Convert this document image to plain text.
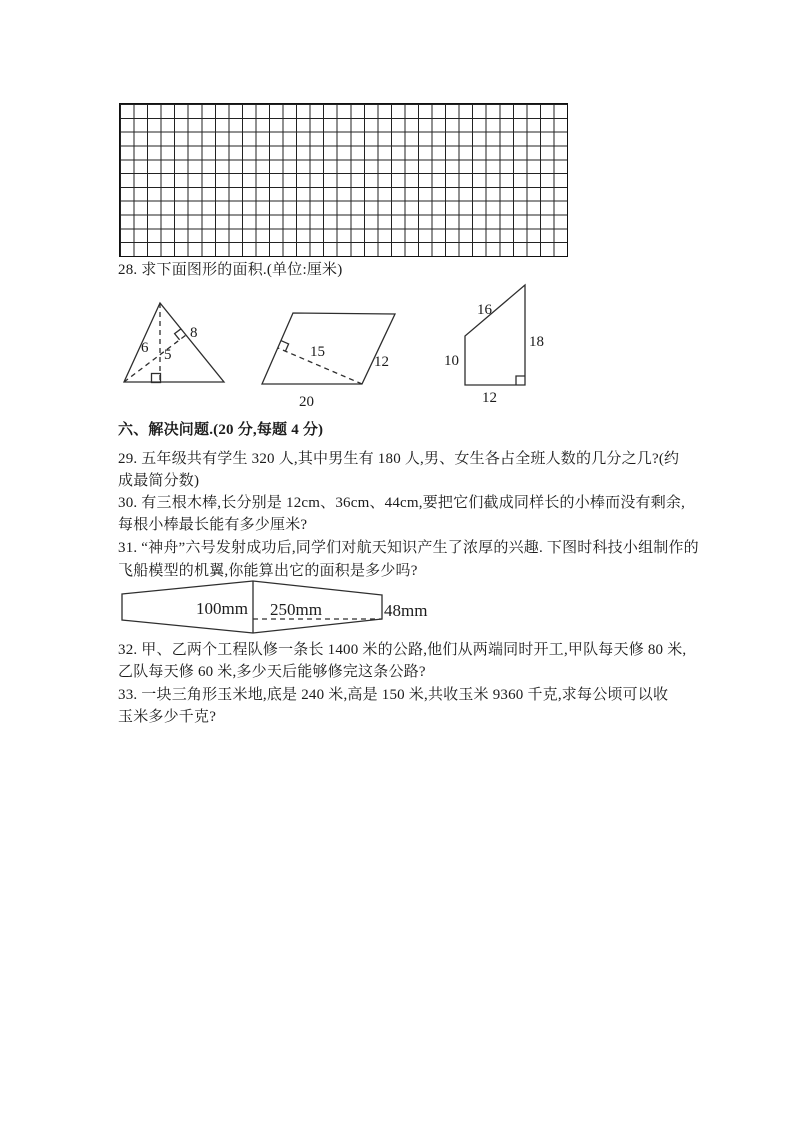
28. 求下面图形的面积.(单位:厘米)
6 5
8
15
12
20
16
10
18
12
六、解决问题.(20 分,每题 4 分)
29. 五年级共有学生 320 人,其中男生有 180 人,男、女生各占全班人数的几分之几?(约
成最简分数)
30. 有三根木棒,长分别是 12cm、36cm、44cm,要把它们截成同样长的小棒而没有剩余,
每根小棒最长能有多少厘米?
31. “神舟”六号发射成功后,同学们对航天知识产生了浓厚的兴趣. 下图时科技小组制作的
飞船模型的机翼,你能算出它的面积是多少吗?
100mm 250mm	48mm
32. 甲、乙两个工程队修一条长 1400 米的公路,他们从两端同时开工,甲队每天修 80 米,
乙队每天修 60 米,多少天后能够修完这条公路?
33. 一块三角形玉米地,底是 240 米,高是 150 米,共收玉米 9360 千克,求每公顷可以收
玉米多少千克?
